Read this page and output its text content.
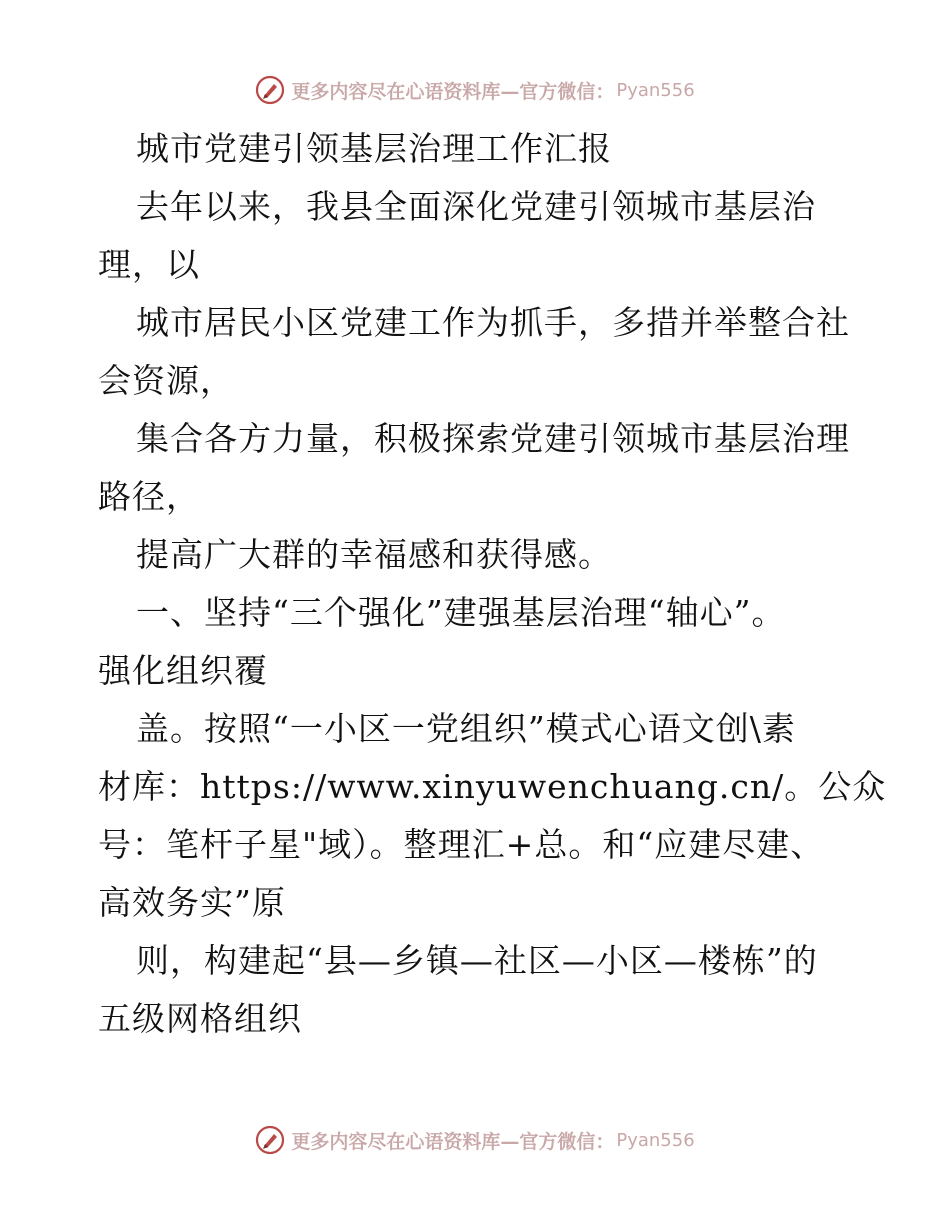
更多内容尽在心语资料库—官方微信： Pyan556
城市党建引领基层治理工作汇报
去年以来，我县全面深化党建引领城市基层治
理，以
城市居民小区党建工作为抓手，多措并举整合社
会资源，
集合各方力量，积极探索党建引领城市基层治理
路径，
提高广大群的幸福感和获得感。
一、坚持“三个强化”建强基层治理“轴心”。
强化组织覆
盖。按照“一小区一党组织”模式心语文创\素
材库：https://www.xinyuwenchuang.cn/。公众
号：笔杆子星"域）。整理汇+总。和“应建尽建、
高效务实”原
则，构建起“县—乡镇—社区—小区—楼栋”的
五级网格组织
更多内容尽在心语资料库—官方微信： Pyan556
